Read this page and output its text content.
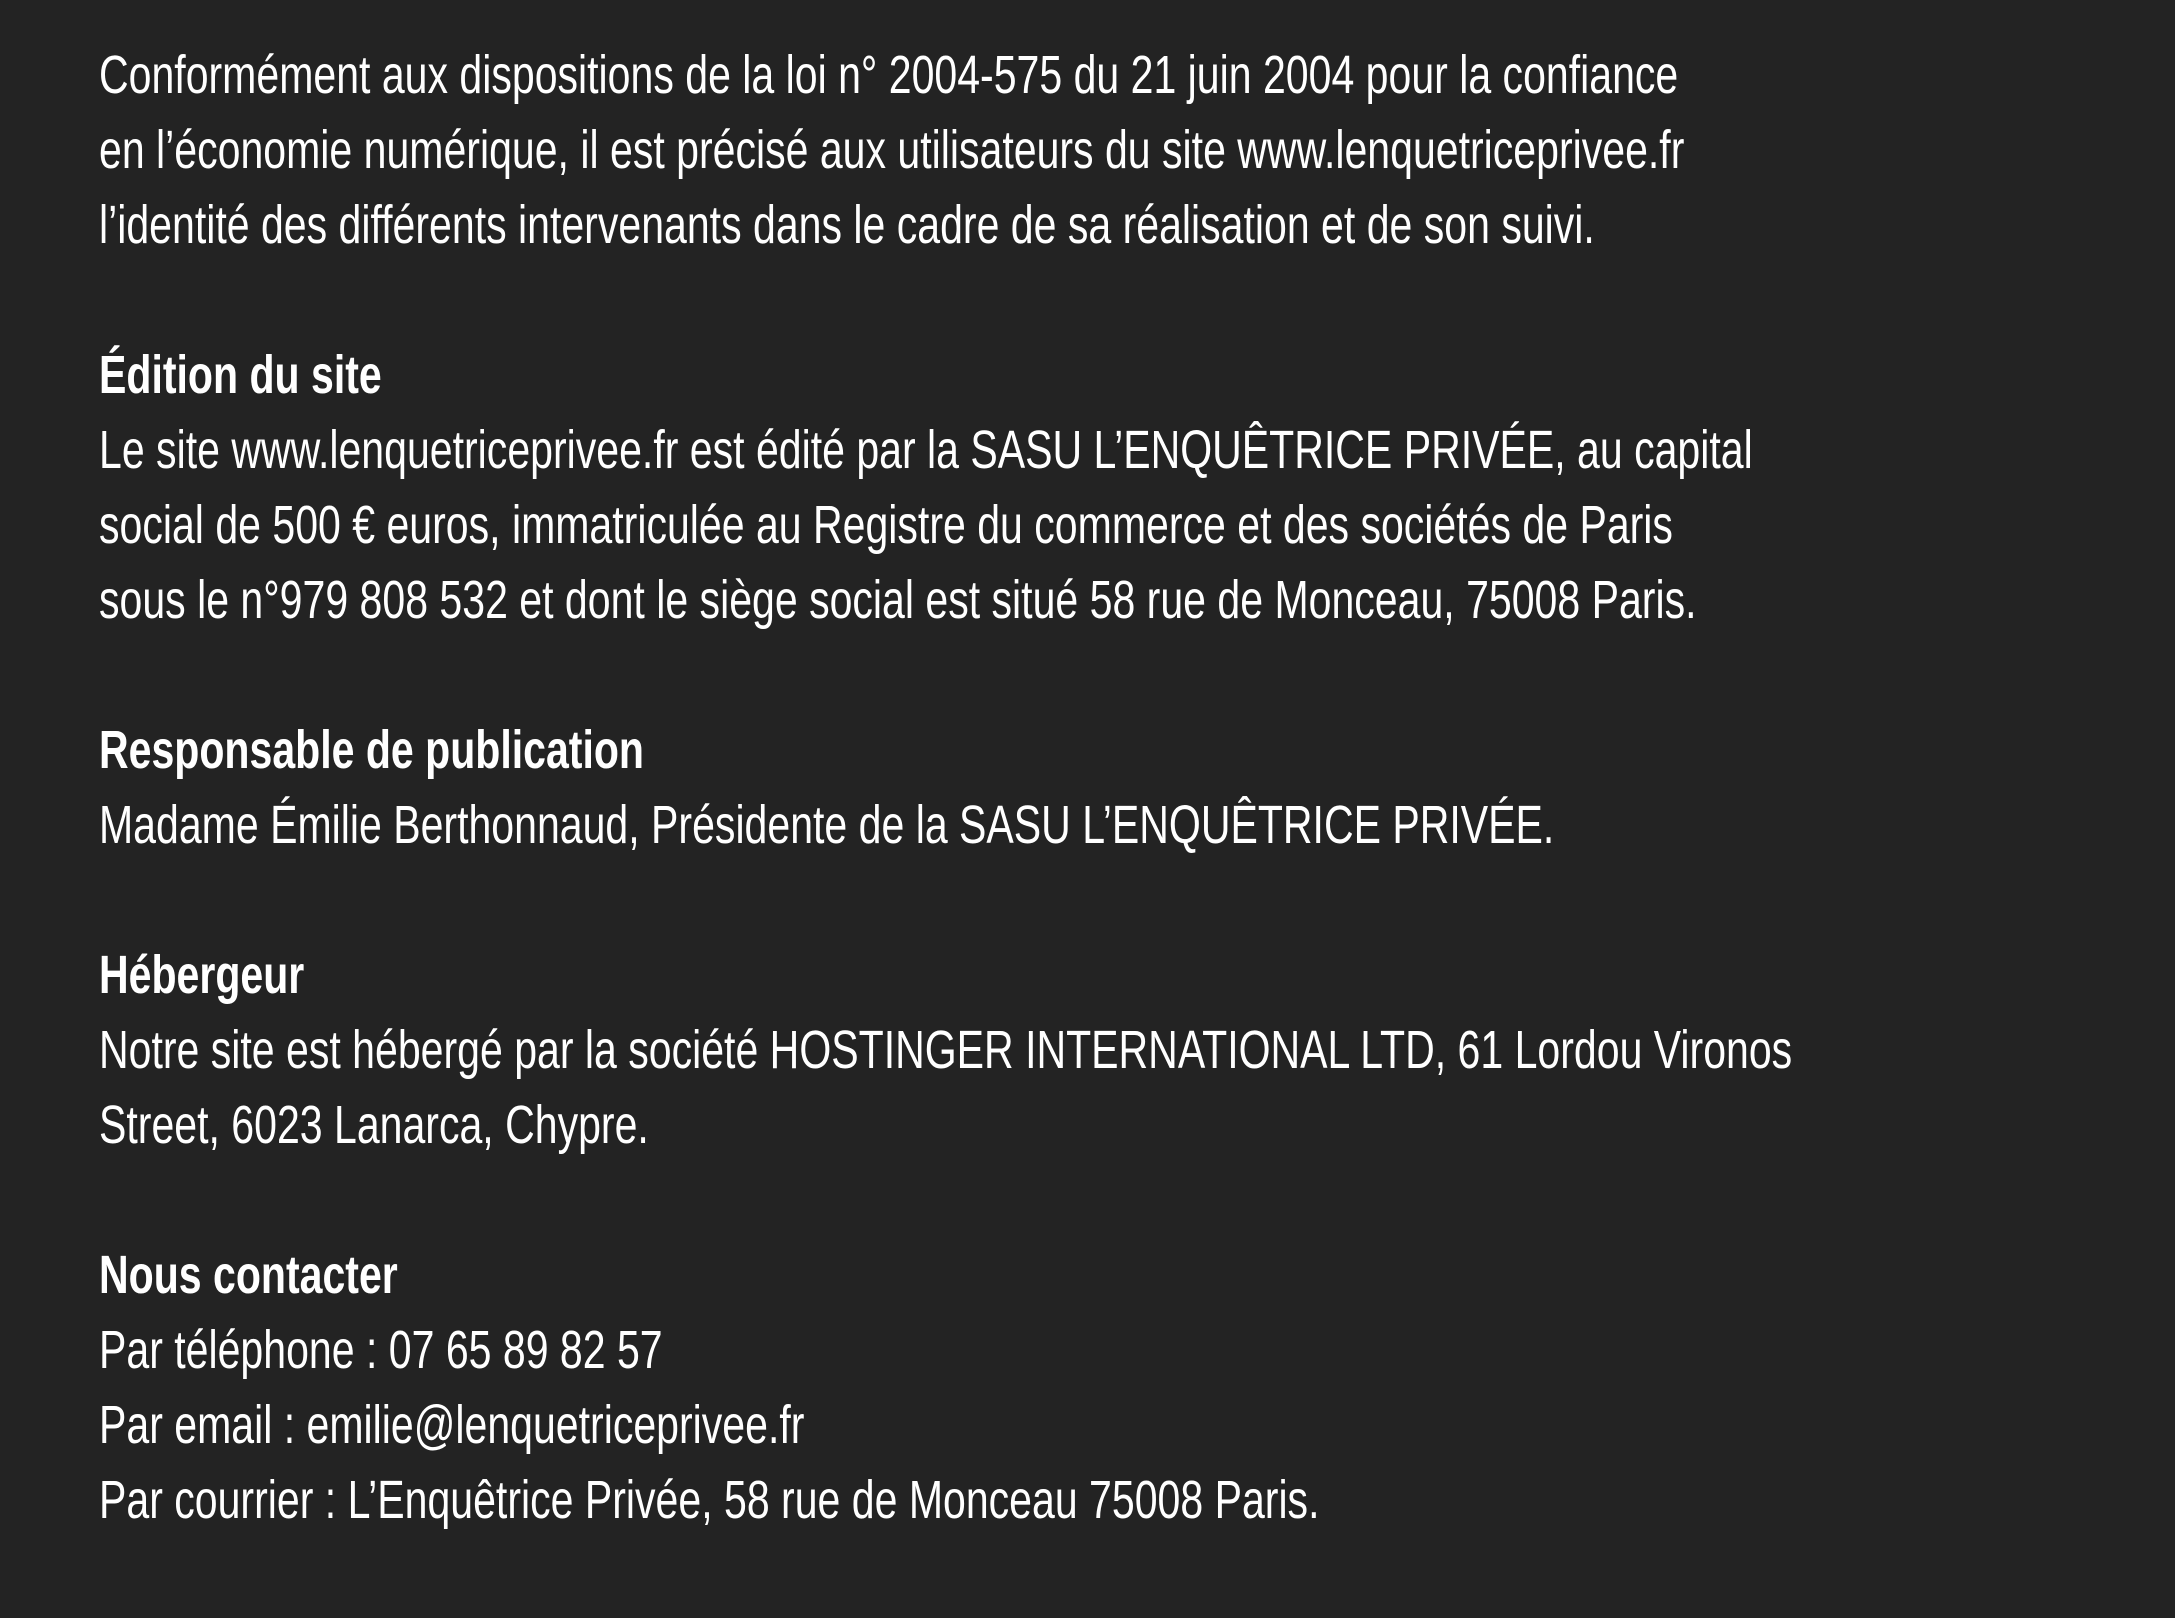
Conformément aux dispositions de la loi n° 2004-575 du 21 juin 2004 pour la confiance
en l’économie numérique, il est précisé aux utilisateurs du site www.lenquetriceprivee.fr
l’identité des différents intervenants dans le cadre de sa réalisation et de son suivi.
Édition du site
Le site www.lenquetriceprivee.fr est édité par la SASU L’ENQUÊTRICE PRIVÉE, au capital
social de 500 € euros, immatriculée au Registre du commerce et des sociétés de Paris
sous le n°979 808 532 et dont le siège social est situé 58 rue de Monceau, 75008 Paris.
Responsable de publication
Madame Émilie Berthonnaud, Présidente de la SASU L’ENQUÊTRICE PRIVÉE.
Hébergeur
Notre site est hébergé par la société HOSTINGER INTERNATIONAL LTD, 61 Lordou Vironos
Street, 6023 Lanarca, Chypre.
Nous contacter
Par téléphone : 07 65 89 82 57
Par email : emilie@lenquetriceprivee.fr
Par courrier : L’Enquêtrice Privée, 58 rue de Monceau 75008 Paris.
